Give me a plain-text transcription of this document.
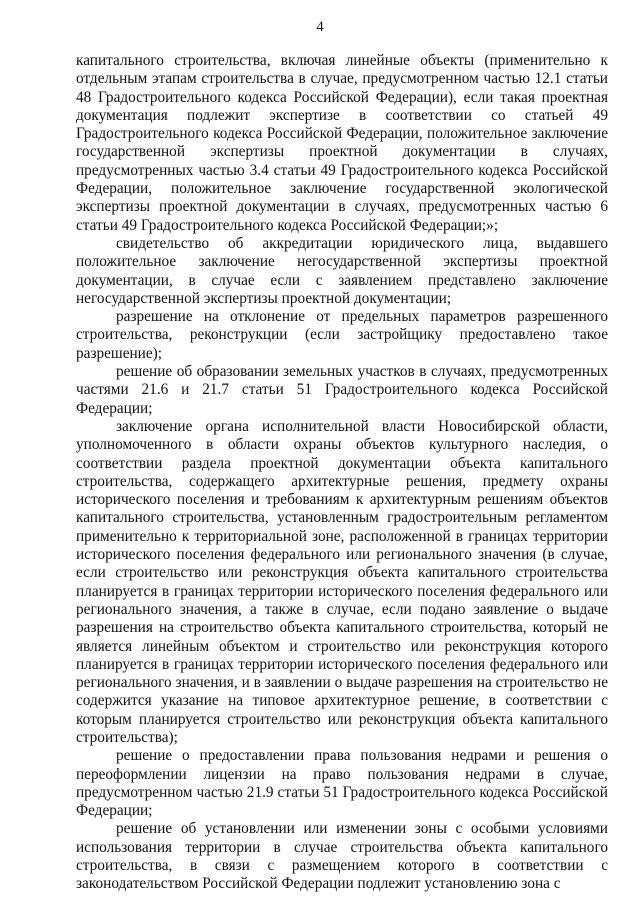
4

капитального строительства, включая линейные объекты (применительно к отдельным этапам строительства в случае, предусмотренном частью 12.1 статьи 48 Градостроительного кодекса Российской Федерации), если такая проектная документация подлежит экспертизе в соответствии со статьей 49 Градостроительного кодекса Российской Федерации, положительное заключение государственной экспертизы проектной документации в случаях, предусмотренных частью 3.4 статьи 49 Градостроительного кодекса Российской Федерации, положительное заключение государственной экологической экспертизы проектной документации в случаях, предусмотренных частью 6 статьи 49 Градостроительного кодекса Российской Федерации;»;

свидетельство об аккредитации юридического лица, выдавшего положительное заключение негосударственной экспертизы проектной документации, в случае если с заявлением представлено заключение негосударственной экспертизы проектной документации;

разрешение на отклонение от предельных параметров разрешенного строительства, реконструкции (если застройщику предоставлено такое разрешение);

решение об образовании земельных участков в случаях, предусмотренных частями 21.6 и 21.7 статьи 51 Градостроительного кодекса Российской Федерации;

заключение органа исполнительной власти Новосибирской области, уполномоченного в области охраны объектов культурного наследия, о соответствии раздела проектной документации объекта капитального строительства, содержащего архитектурные решения, предмету охраны исторического поселения и требованиям к архитектурным решениям объектов капитального строительства, установленным градостроительным регламентом применительно к территориальной зоне, расположенной в границах территории исторического поселения федерального или регионального значения (в случае, если строительство или реконструкция объекта капитального строительства планируется в границах территории исторического поселения федерального или регионального значения, а также в случае, если подано заявление о выдаче разрешения на строительство объекта капитального строительства, который не является линейным объектом и строительство или реконструкция которого планируется в границах территории исторического поселения федерального или регионального значения, и в заявлении о выдаче разрешения на строительство не содержится указание на типовое архитектурное решение, в соответствии с которым планируется строительство или реконструкция объекта капитального строительства);

решение о предоставлении права пользования недрами и решения о переоформлении лицензии на право пользования недрами в случае, предусмотренном частью 21.9 статьи 51 Градостроительного кодекса Российской Федерации;

решение об установлении или изменении зоны с особыми условиями использования территории в случае строительства объекта капитального строительства, в связи с размещением которого в соответствии с законодательством Российской Федерации подлежит установлению зона с
